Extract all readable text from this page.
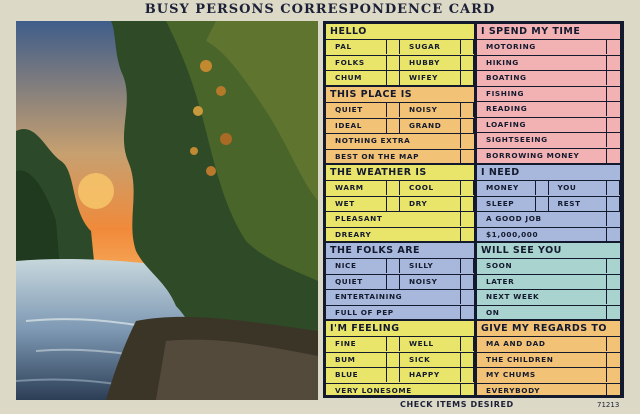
BUSY PERSONS CORRESPONDENCE CARD
HELLO
PAL	SUGAR
FOLKS	HUBBY
CHUM	WIFEY
THIS PLACE IS
QUIET	NOISY
IDEAL	GRAND
NOTHING EXTRA
BEST ON THE MAP
THE WEATHER IS
WARM	COOL
WET	DRY
PLEASANT
DREARY
THE FOLKS ARE
NICE	SILLY
QUIET	NOISY
ENTERTAINING
FULL OF PEP
I'M FEELING
FINE	WELL
BUM	SICK
BLUE	HAPPY
VERY LONESOME
I SPEND MY TIME
MOTORING
HIKING
BOATING
FISHING
READING
LOAFING
SIGHTSEEING
BORROWING MONEY
I NEED
MONEY	YOU
SLEEP	REST
A GOOD JOB
$1,000,000
WILL SEE YOU
SOON
LATER
NEXT WEEK
ON
GIVE MY REGARDS TO
MA AND DAD
THE CHILDREN
MY CHUMS
EVERYBODY
CHECK ITEMS DESIRED	71213
